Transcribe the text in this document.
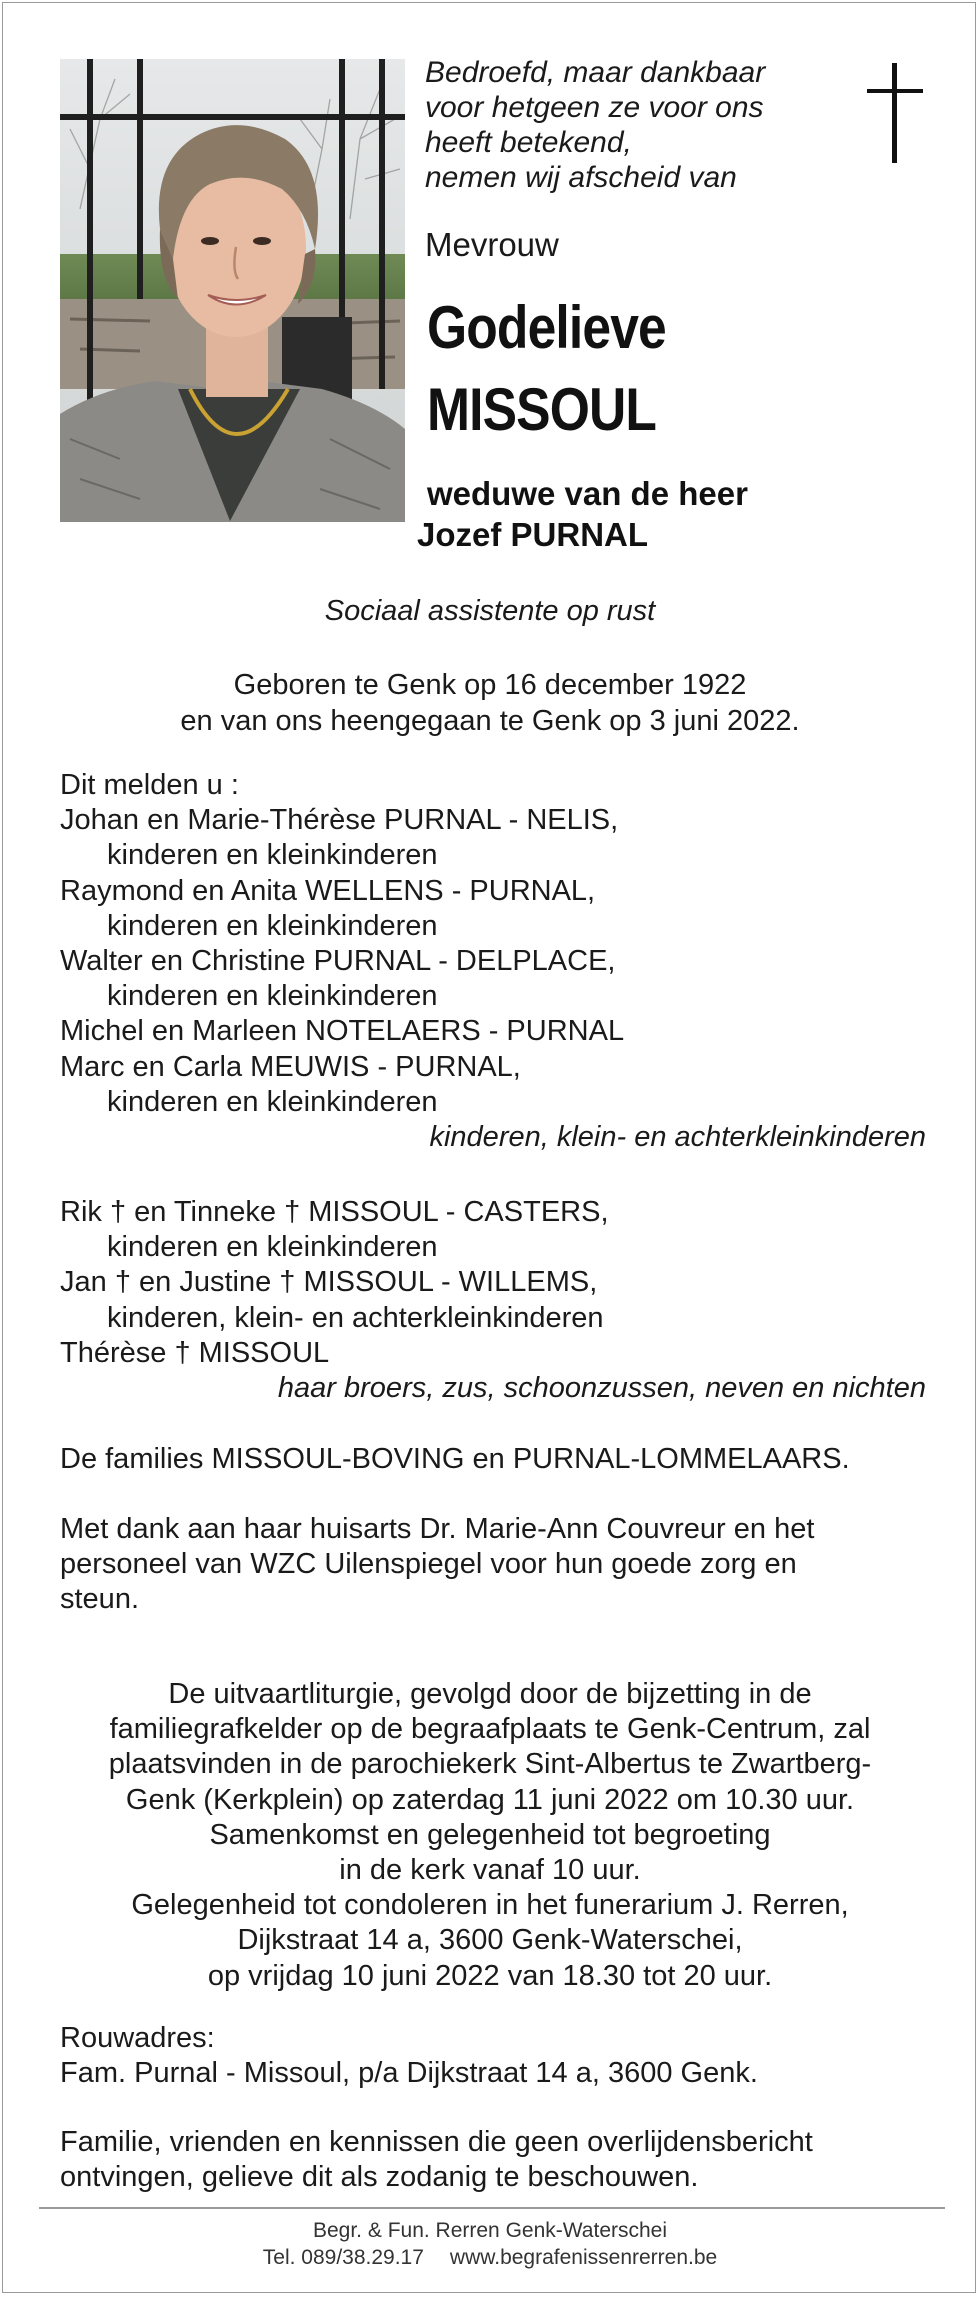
Bedroefd, maar dankbaar
voor hetgeen ze voor ons
heeft betekend,
nemen wij afscheid van
Mevrouw
Godelieve
MISSOUL
weduwe van de heer
Jozef PURNAL
Sociaal assistente op rust
Geboren te Genk op 16 december 1922
en van ons heengegaan te Genk op 3 juni 2022.
Dit melden u :
Johan en Marie-Thérèse PURNAL - NELIS,
kinderen en kleinkinderen
Raymond en Anita WELLENS - PURNAL,
kinderen en kleinkinderen
Walter en Christine PURNAL - DELPLACE,
kinderen en kleinkinderen
Michel en Marleen NOTELAERS - PURNAL
Marc en Carla MEUWIS - PURNAL,
kinderen en kleinkinderen
kinderen, klein- en achterkleinkinderen
Rik † en Tinneke † MISSOUL - CASTERS,
kinderen en kleinkinderen
Jan † en Justine † MISSOUL - WILLEMS,
kinderen, klein- en achterkleinkinderen
Thérèse † MISSOUL
haar broers, zus, schoonzussen, neven en nichten
De families MISSOUL-BOVING en PURNAL-LOMMELAARS.
Met dank aan haar huisarts Dr. Marie-Ann Couvreur en het
personeel van WZC Uilenspiegel voor hun goede zorg en
steun.
De uitvaartliturgie, gevolgd door de bijzetting in de
familiegrafkelder op de begraafplaats te Genk-Centrum, zal
plaatsvinden in de parochiekerk Sint-Albertus te Zwartberg-
Genk (Kerkplein) op zaterdag 11 juni 2022 om 10.30 uur.
Samenkomst en gelegenheid tot begroeting
in de kerk vanaf 10 uur.
Gelegenheid tot condoleren in het funerarium J. Rerren,
Dijkstraat 14 a, 3600 Genk-Waterschei,
op vrijdag 10 juni 2022 van 18.30 tot 20 uur.
Rouwadres:
Fam. Purnal - Missoul, p/a Dijkstraat 14 a, 3600 Genk.
Familie, vrienden en kennissen die geen overlijdensbericht
ontvingen, gelieve dit als zodanig te beschouwen.
Begr. & Fun. Rerren Genk-Waterschei
Tel. 089/38.29.17 www.begrafenissenrerren.be
